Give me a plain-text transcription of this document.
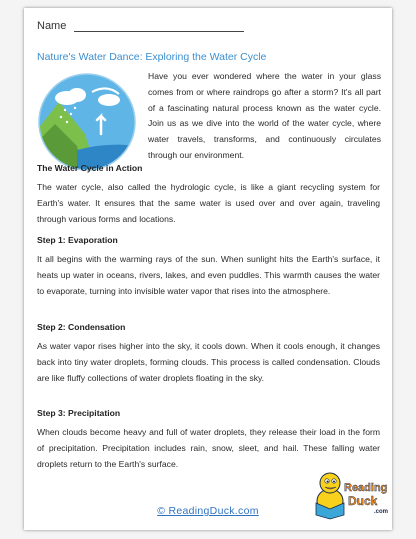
Name
Nature's Water Dance: Exploring the Water Cycle
Have you ever wondered where the water in your glass comes from or where raindrops go after a storm? It's all part of a fascinating natural process known as the water cycle. Join us as we dive into the world of the water cycle, where water travels, transforms, and continuously circulates through our environment.
The Water Cycle in Action
The water cycle, also called the hydrologic cycle, is like a giant recycling system for Earth's water. It ensures that the same water is used over and over again, traveling through various forms and locations.
Step 1: Evaporation
It all begins with the warming rays of the sun. When sunlight hits the Earth's surface, it heats up water in oceans, rivers, lakes, and even puddles. This warmth causes the water to evaporate, turning into invisible water vapor that rises into the atmosphere.
Step 2: Condensation
As water vapor rises higher into the sky, it cools down. When it cools enough, it changes back into tiny water droplets, forming clouds. This process is called condensation. Clouds are like fluffy collections of water droplets floating in the sky.
Step 3: Precipitation
When clouds become heavy and full of water droplets, they release their load in the form of precipitation. Precipitation includes rain, snow, sleet, and hail. These falling water droplets return to the Earth's surface.
© ReadingDuck.com
Reading
Duck
.com
